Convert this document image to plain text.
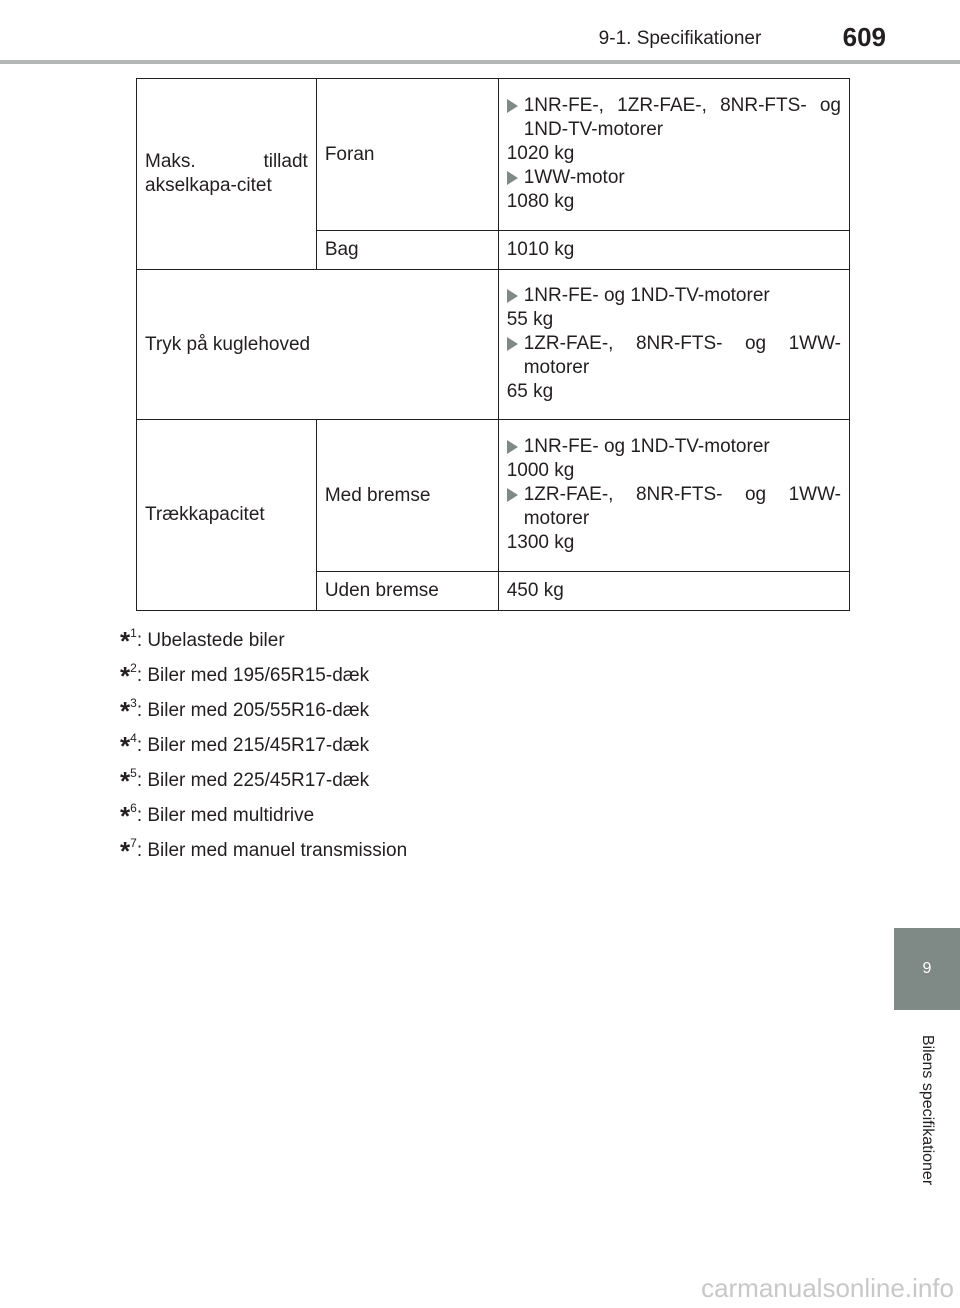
9-1. Specifikationer	609
Maks. tilladt akselkapa-citet	Foran	1NR-FE-, 1ZR-FAE-, 8NR-FTS- og 1ND-TV-motorer

1020 kg

1WW-motor

1080 kg

	Bag	1010 kg
Tryk på kuglehoved		1NR-FE- og 1ND-TV-motorer

55 kg

1ZR-FAE-, 8NR-FTS- og 1WW-motorer

65 kg

Trækkapacitet	Med bremse	1NR-FE- og 1ND-TV-motorer

1000 kg

1ZR-FAE-, 8NR-FTS- og 1WW-motorer

1300 kg

	Uden bremse	450 kg
*$^1$: Ubelastede biler
*$^2$: Biler med 195/65R15-dæk
*$^3$: Biler med 205/55R16-dæk
*$^4$: Biler med 215/45R17-dæk
*$^5$: Biler med 225/45R17-dæk
*$^6$: Biler med multidrive
*$^7$: Biler med manuel transmission
9
Bilens specifikationer
carmanualsonline.info
